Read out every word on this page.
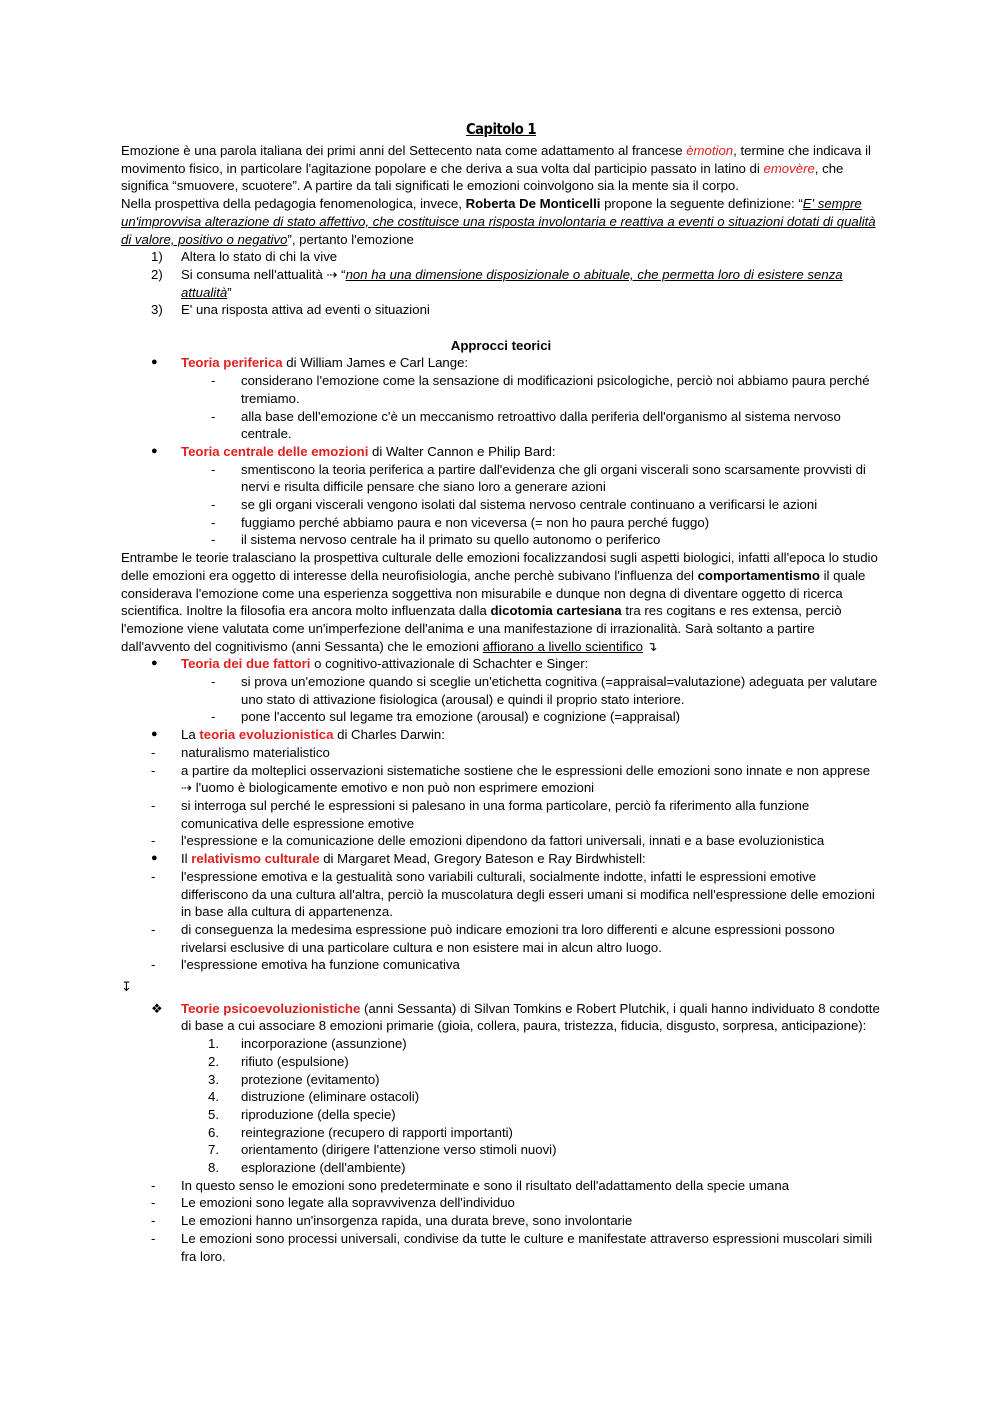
Capitolo 1

Emozione è una parola italiana dei primi anni del Settecento nata come adattamento al francese èmotion, termine che indicava il movimento fisico, in particolare l'agitazione popolare e che deriva a sua volta dal participio passato in latino di emovère, che significa “smuovere, scuotere”. A partire da tali significati le emozioni coinvolgono sia la mente sia il corpo.

Nella prospettiva della pedagogia fenomenologica, invece, Roberta De Monticelli propone la seguente definizione: “E' sempre un'improvvisa alterazione di stato affettivo, che costituisce una risposta involontaria e reattiva a eventi o situazioni dotati di qualità di valore, positivo o negativo”, pertanto l'emozione

1)	Altera lo stato di chi la vive
2)	Si consuma nell'attualità ⇢ “non ha una dimensione disposizionale o abituale, che permetta loro di esistere senza attualità”
3)	E' una risposta attiva ad eventi o situazioni
Approcci teorici
●	Teoria periferica di William James e Carl Lange:
-	considerano l'emozione come la sensazione di modificazioni psicologiche, perciò noi abbiamo paura perché tremiamo.
-	alla base dell'emozione c'è un meccanismo retroattivo dalla periferia dell'organismo al sistema nervoso centrale.
●	Teoria centrale delle emozioni di Walter Cannon e Philip Bard:
-	smentiscono la teoria periferica a partire dall'evidenza che gli organi viscerali sono scarsamente provvisti di nervi e risulta difficile pensare che siano loro a generare azioni
-	se gli organi viscerali vengono isolati dal sistema nervoso centrale continuano a verificarsi le azioni
-	fuggiamo perché abbiamo paura e non viceversa (= non ho paura perché fuggo)
-	il sistema nervoso centrale ha il primato su quello autonomo o periferico

Entrambe le teorie tralasciano la prospettiva culturale delle emozioni focalizzandosi sugli aspetti biologici, infatti all'epoca lo studio delle emozioni era oggetto di interesse della neurofisiologia, anche perchè subivano l'influenza del comportamentismo il quale considerava l'emozione come una esperienza soggettiva non misurabile e dunque non degna di diventare oggetto di ricerca scientifica. Inoltre la filosofia era ancora molto influenzata dalla dicotomia cartesiana tra res cogitans e res extensa, perciò l'emozione viene valutata come un'imperfezione dell'anima e una manifestazione di irrazionalità. Sarà soltanto a partire dall'avvento del cognitivismo (anni Sessanta) che le emozioni affiorano a livello scientifico ↴

●	Teoria dei due fattori o cognitivo-attivazionale di Schachter e Singer:
-	si prova un'emozione quando si sceglie un'etichetta cognitiva (=appraisal=valutazione) adeguata per valutare uno stato di attivazione fisiologica (arousal) e quindi il proprio stato interiore.
-	pone l'accento sul legame tra emozione (arousal) e cognizione (=appraisal)
●	La teoria evoluzionistica di Charles Darwin:
-	naturalismo materialistico
-	a partire da molteplici osservazioni sistematiche sostiene che le espressioni delle emozioni sono innate e non apprese ⇢ l'uomo è biologicamente emotivo e non può non esprimere emozioni
-	si interroga sul perché le espressioni si palesano in una forma particolare, perciò fa riferimento alla funzione comunicativa delle espressione emotive
-	l'espressione e la comunicazione delle emozioni dipendono da fattori universali, innati e a base evoluzionistica
●	Il relativismo culturale di Margaret Mead, Gregory Bateson e Ray Birdwhistell:
-	l'espressione emotiva e la gestualità sono variabili culturali, socialmente indotte, infatti le espressioni emotive differiscono da una cultura all'altra, perciò la muscolatura degli esseri umani si modifica nell'espressione delle emozioni in base alla cultura di appartenenza.
-	di conseguenza la medesima espressione può indicare emozioni tra loro differenti e alcune espressioni possono rivelarsi esclusive di una particolare cultura e non esistere mai in alcun altro luogo.
-	l'espressione emotiva ha funzione comunicativa
↧
❖	Teorie psicoevoluzionistiche (anni Sessanta) di Silvan Tomkins e Robert Plutchik, i quali hanno individuato 8 condotte di base a cui associare 8 emozioni primarie (gioia, collera, paura, tristezza, fiducia, disgusto, sorpresa, anticipazione):
1.	incorporazione (assunzione)
2.	rifiuto (espulsione)
3.	protezione (evitamento)
4.	distruzione (eliminare ostacoli)
5.	riproduzione (della specie)
6.	reintegrazione (recupero di rapporti importanti)
7.	orientamento (dirigere l'attenzione verso stimoli nuovi)
8.	esplorazione (dell'ambiente)
-	In questo senso le emozioni sono predeterminate e sono il risultato dell'adattamento della specie umana
-	Le emozioni sono legate alla sopravvivenza dell'individuo
-	Le emozioni hanno un'insorgenza rapida, una durata breve, sono involontarie
-	Le emozioni sono processi universali, condivise da tutte le culture e manifestate attraverso espressioni muscolari simili fra loro.
